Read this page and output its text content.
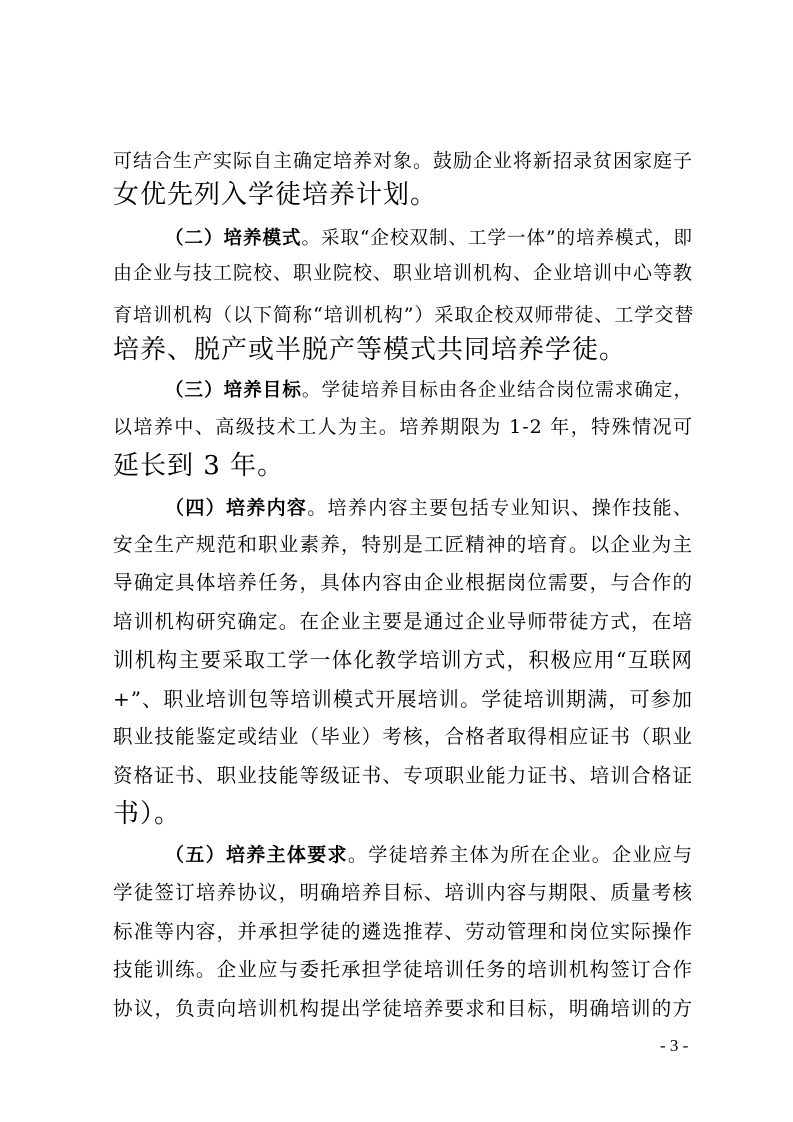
可结合生产实际自主确定培养对象。鼓励企业将新招录贫困家庭子
女优先列入学徒培养计划。
（二）培养模式。采取“企校双制、工学一体”的培养模式，即
由企业与技工院校、职业院校、职业培训机构、企业培训中心等教
育培训机构（以下简称“培训机构”）采取企校双师带徒、工学交替
培养、脱产或半脱产等模式共同培养学徒。
（三）培养目标。学徒培养目标由各企业结合岗位需求确定，
以培养中、高级技术工人为主。培养期限为 1-2 年，特殊情况可
延长到 3 年。
（四）培养内容。培养内容主要包括专业知识、操作技能、
安全生产规范和职业素养，特别是工匠精神的培育。以企业为主
导确定具体培养任务，具体内容由企业根据岗位需要，与合作的
培训机构研究确定。在企业主要是通过企业导师带徒方式，在培
训机构主要采取工学一体化教学培训方式，积极应用“互联网
+”、职业培训包等培训模式开展培训。学徒培训期满，可参加
职业技能鉴定或结业（毕业）考核，合格者取得相应证书（职业
资格证书、职业技能等级证书、专项职业能力证书、培训合格证
书）。
（五）培养主体要求。学徒培养主体为所在企业。企业应与
学徒签订培养协议，明确培养目标、培训内容与期限、质量考核
标准等内容，并承担学徒的遴选推荐、劳动管理和岗位实际操作
技能训练。企业应与委托承担学徒培训任务的培训机构签订合作
协议，负责向培训机构提出学徒培养要求和目标，明确培训的方
- 3 -
